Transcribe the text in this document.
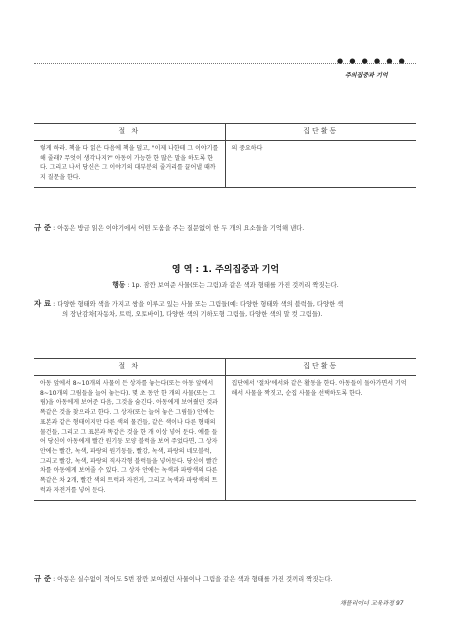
● ● ● ● ● ●
주의집중과 기억
절 차	집단활동
렇게 하라. 책을 다 읽은 다음에 책을 덮고, "이제 나한테 그 이야기를 해 줄래? 무엇이 생각나지?" 아동이 가능한 한 많은 말을 하도록 한다. 그리고 나서 당신은 그 이야기의 대부분의 줄거리를 끌어낼 때까지 질문을 한다.	의 중요하다
규 준 : 아동은 방금 읽은 이야기에서 어떤 도움을 주는 질문없이 한 두 개의 요소들을 기억해 낸다.
영 역 : 1. 주의집중과 기억
행동 : 1p. 잠깐 보여준 사물(또는 그림)과 같은 색과 형태를 가진 것끼리 짝짓는다.
자 료 : 다양한 형태와 색을 가지고 쌍을 이루고 있는 사물 또는 그림들(예: 다양한 형태와 색의 블럭들, 다양한 색
의 장난감차[자동차, 트럭, 오토바이], 다양한 색의 기하도형 그림들, 다양한 색의 말 컷 그림들).
절 차	집단활동
아동 앞에서 8~10개의 사물이 든 상자를 놓는다(또는 아동 앞에서 8~10개의 그림들을 늘어 놓는다). 몇 초 동안 한 개의 사물(또는 그림)을 아동에게 보여준 다음, 그것을 숨긴다. 아동에게 보여줬던 것과 똑같은 것을 찾으라고 한다. 그 상자(또는 늘어 놓은 그림들) 안에는 표본과 같은 형태이지만 다른 색의 물건들, 같은 색이나 다른 형태의 물건들, 그리고 그 표본과 똑같은 것을 한 개 이상 넣어 둔다. 예를 들어 당신이 아동에게 빨간 원기둥 모양 블럭을 보여 주었다면, 그 상자안에는 빨간, 녹색, 파랑의 원기둥들, 빨강, 녹색, 파랑의 네모블럭, 그리고 빨강, 녹색, 파랑의 직사각형 블럭들을 넣어둔다. 당신이 빨간 차를 아동에게 보여줄 수 있다. 그 상자 안에는 녹색과 파랑색의 다른 똑같은 차 2개, 빨간 색의 트럭과 자전거, 그리고 녹색과 파랑색의 트럭과 자전거를 넣어 둔다.	집단에서 '절차'에서와 같은 활동을 한다. 아동들이 돌아가면서 기억해서 사물을 짝짓고, 순집 사물을 선택하도록 한다.
규 준 : 아동은 실수없이 적어도 5번 잠깐 보여줬던 사물이나 그림을 같은 색과 형태를 가진 것끼리 짝짓는다.
채플리이너 교육과정 97
